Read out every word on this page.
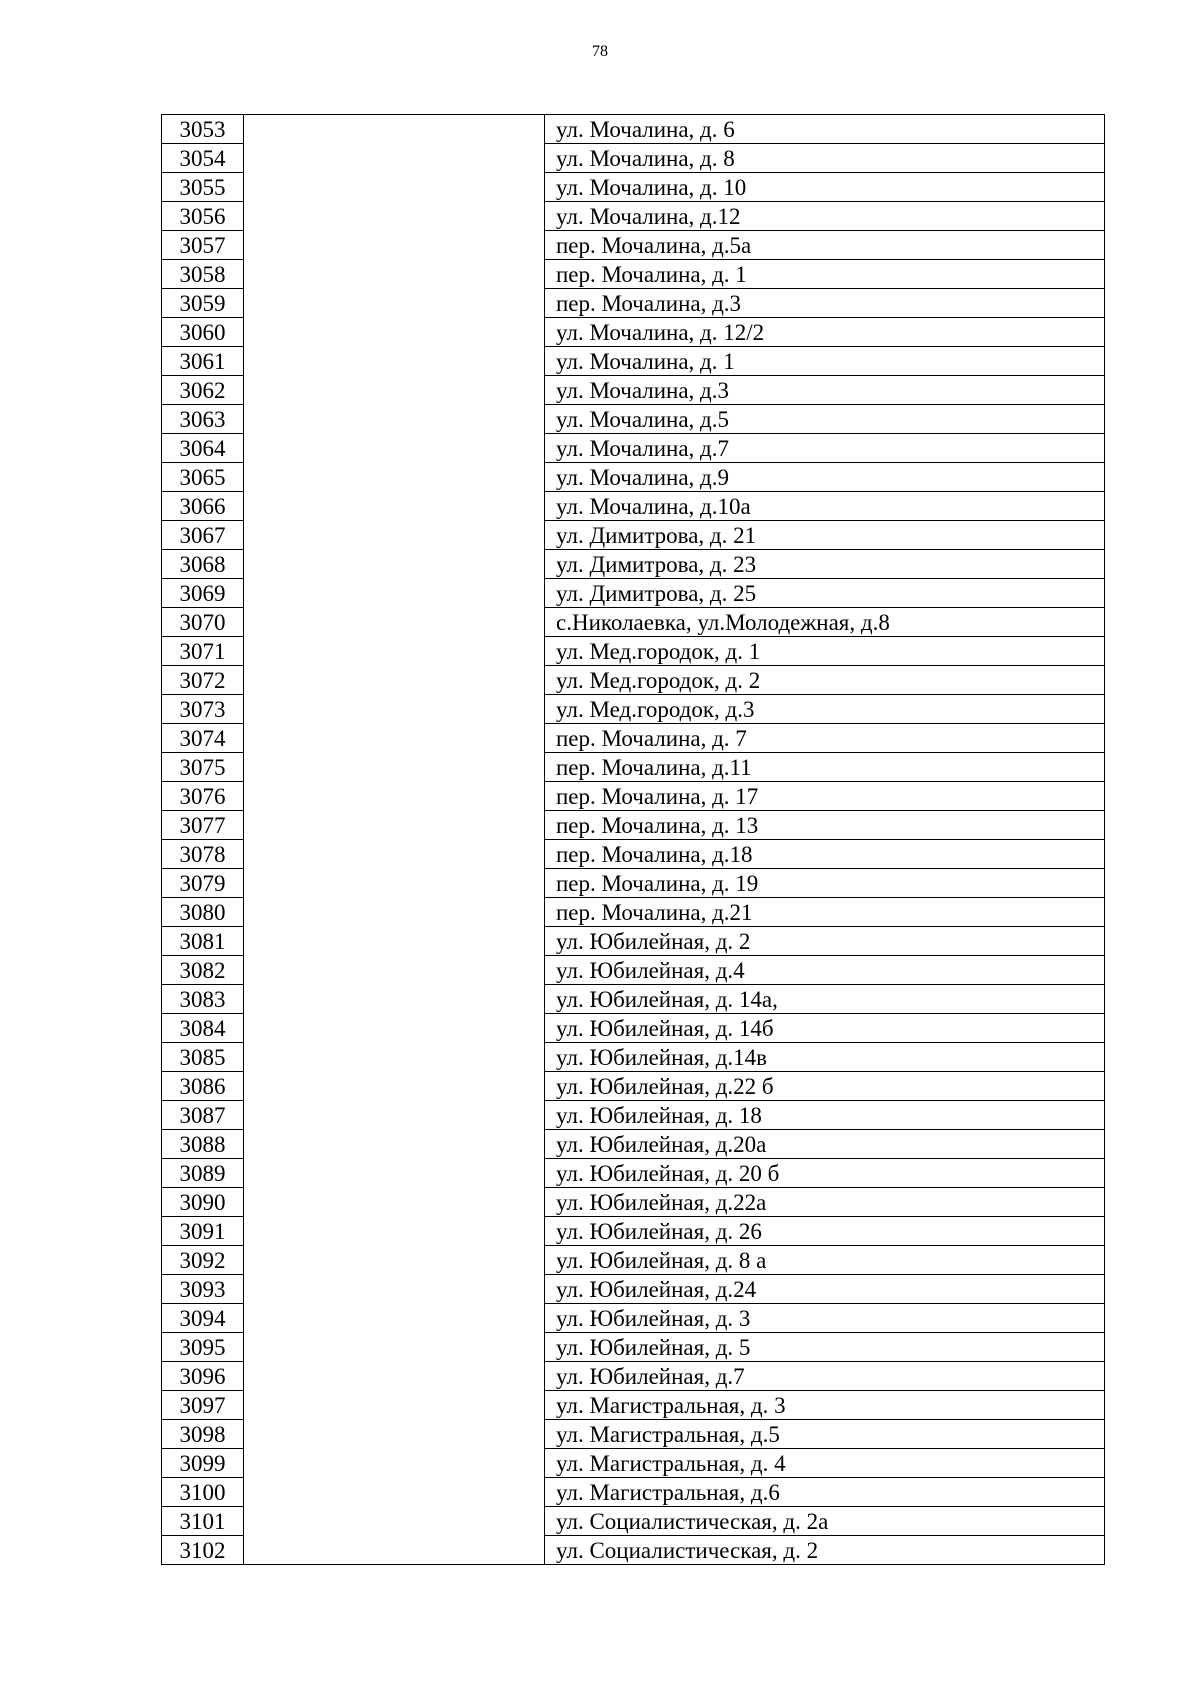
78
3053		ул. Мочалина, д. 6
3054		ул. Мочалина, д. 8
3055		ул. Мочалина, д. 10
3056		ул. Мочалина, д.12
3057		пер. Мочалина, д.5а
3058		пер. Мочалина, д. 1
3059		пер. Мочалина, д.3
3060		ул. Мочалина, д. 12/2
3061		ул. Мочалина, д. 1
3062		ул. Мочалина, д.3
3063		ул. Мочалина, д.5
3064		ул. Мочалина, д.7
3065		ул. Мочалина, д.9
3066		ул. Мочалина, д.10а
3067		ул. Димитрова, д. 21
3068		ул. Димитрова, д. 23
3069		ул. Димитрова, д. 25
3070		с.Николаевка, ул.Молодежная, д.8
3071		ул. Мед.городок, д. 1
3072		ул. Мед.городок, д. 2
3073		ул. Мед.городок, д.3
3074		пер. Мочалина, д. 7
3075		пер. Мочалина, д.11
3076		пер. Мочалина, д. 17
3077		пер. Мочалина, д. 13
3078		пер. Мочалина, д.18
3079		пер. Мочалина, д. 19
3080		пер. Мочалина, д.21
3081		ул. Юбилейная, д. 2
3082		ул. Юбилейная, д.4
3083		ул. Юбилейная, д. 14а,
3084		ул. Юбилейная, д. 14б
3085		ул. Юбилейная, д.14в
3086		ул. Юбилейная, д.22 б
3087		ул. Юбилейная, д. 18
3088		ул. Юбилейная, д.20а
3089		ул. Юбилейная, д. 20 б
3090		ул. Юбилейная, д.22а
3091		ул. Юбилейная, д. 26
3092		ул. Юбилейная, д. 8 а
3093		ул. Юбилейная, д.24
3094		ул. Юбилейная, д. 3
3095		ул. Юбилейная, д. 5
3096		ул. Юбилейная, д.7
3097		ул. Магистральная, д. 3
3098		ул. Магистральная, д.5
3099		ул. Магистральная, д. 4
3100		ул. Магистральная, д.6
3101		ул. Социалистическая, д. 2а
3102		ул. Социалистическая, д. 2
